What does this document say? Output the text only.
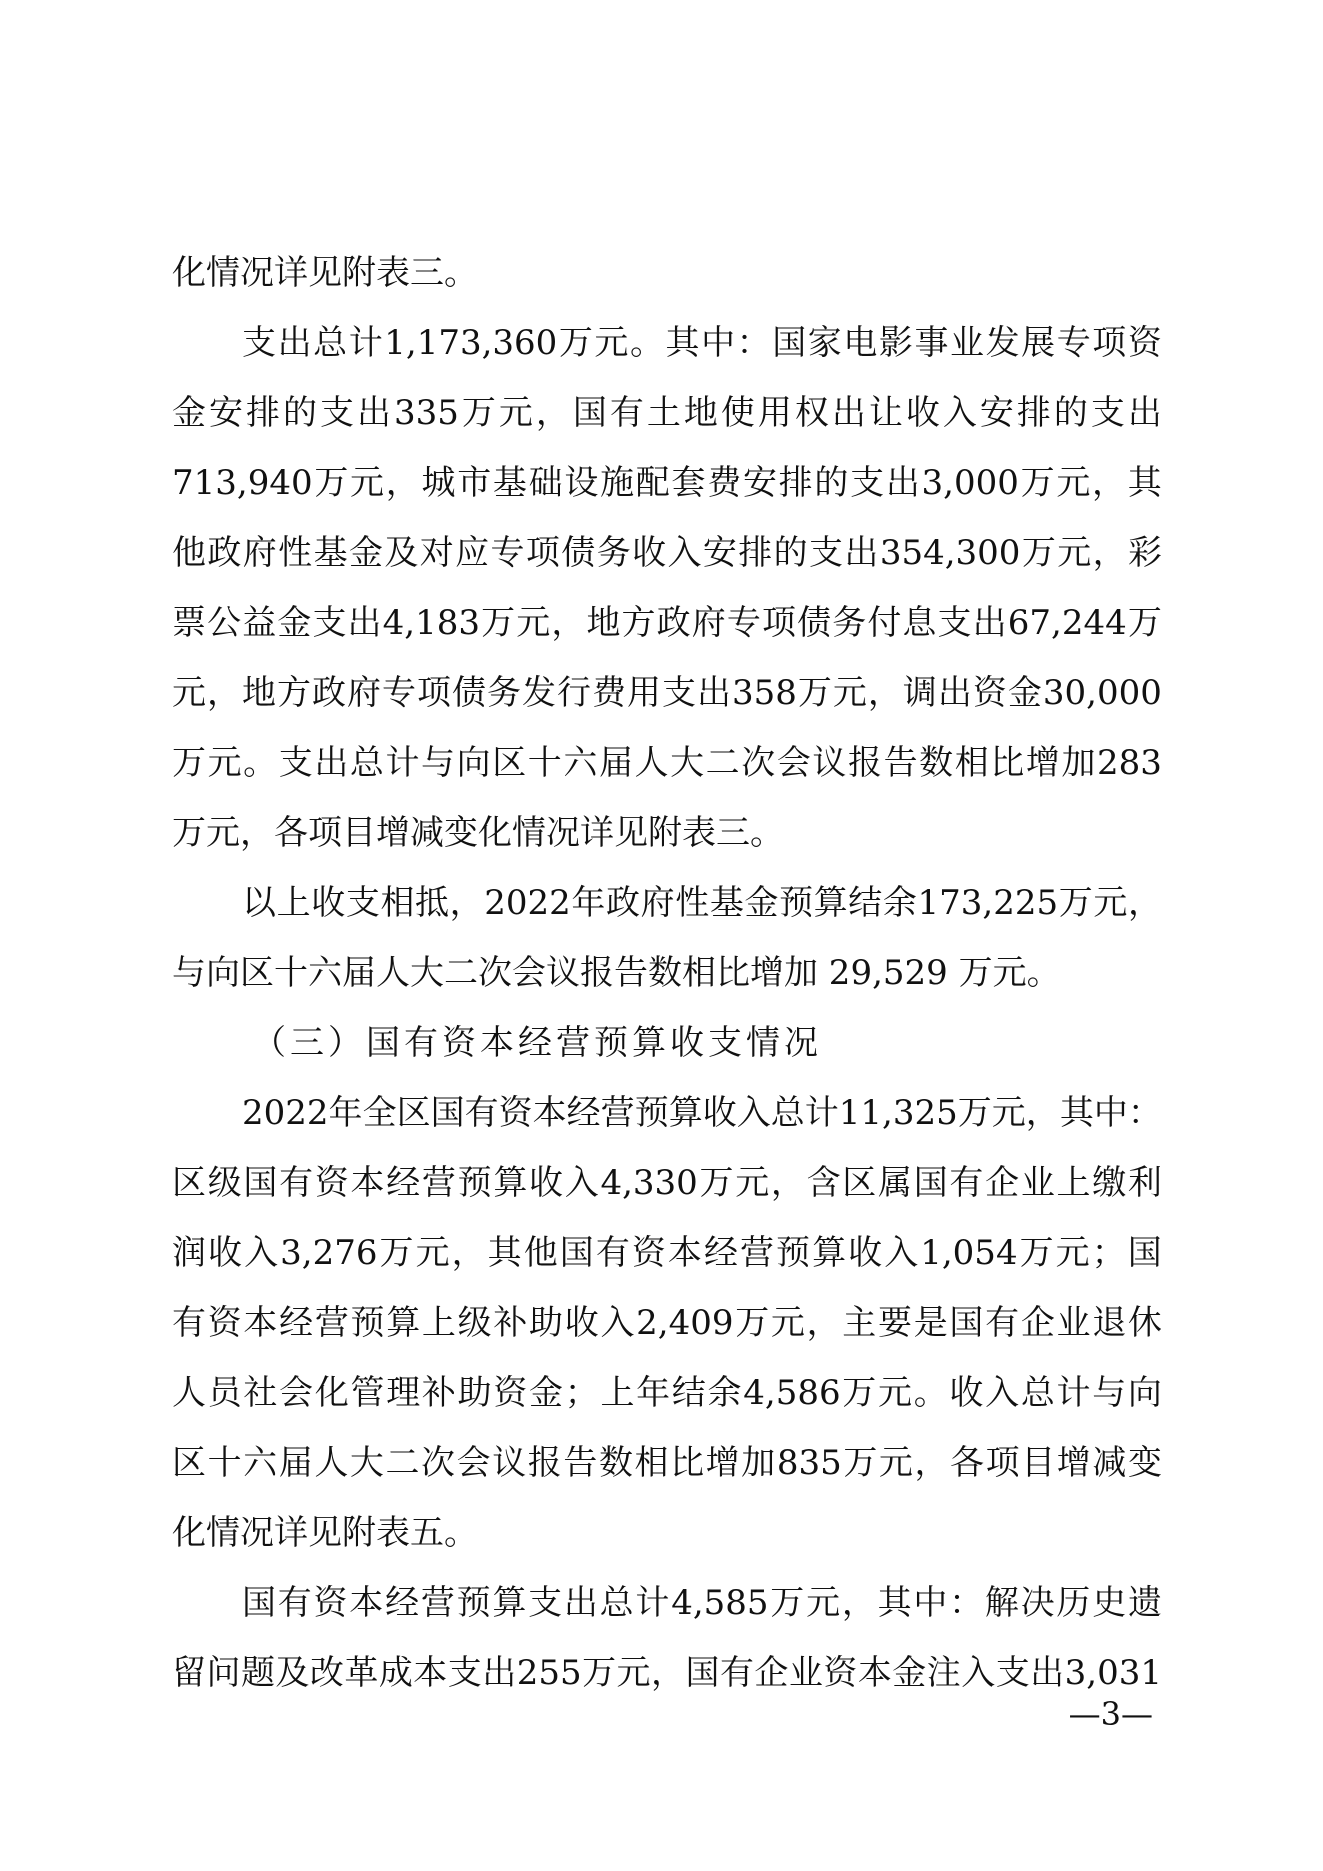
化情况详见附表三。
支 出 总 计 1,173,360 万 元 。 其 中 ： 国 家 电 影 事 业 发 展 专 项 资
金 安 排 的 支 出 335 万 元 ， 国 有 土 地 使 用 权 出 让 收 入 安 排 的 支 出
713,940 万 元 ， 城 市 基 础 设 施 配 套 费 安 排 的 支 出 3,000 万 元 ， 其
他 政 府 性 基 金 及 对 应 专 项 债 务 收 入 安 排 的 支 出 354,300 万 元 ， 彩
票 公 益 金 支 出 4,183 万 元 ， 地 方 政 府 专 项 债 务 付 息 支 出 67,244 万
元 ， 地 方 政 府 专 项 债 务 发 行 费 用 支 出 358 万 元 ， 调 出 资 金 30,000
万 元 。 支 出 总 计 与 向 区 十 六 届 人 大 二 次 会 议 报 告 数 相 比 增 加 283
万元，各项目增减变化情况详见附表三。
以 上 收 支 相 抵 ， 2022 年 政 府 性 基 金 预 算 结 余 173,225 万 元 ，
与向区十六届人大二次会议报告数相比增加 29,529 万元。
（三）国有资本经营预算收支情况
2022 年 全 区 国 有 资 本 经 营 预 算 收 入 总 计 11,325 万 元 ， 其 中 ：
区 级 国 有 资 本 经 营 预 算 收 入 4,330 万 元 ， 含 区 属 国 有 企 业 上 缴 利
润 收 入 3,276 万 元 ， 其 他 国 有 资 本 经 营 预 算 收 入 1,054 万 元 ； 国
有 资 本 经 营 预 算 上 级 补 助 收 入 2,409 万 元 ， 主 要 是 国 有 企 业 退 休
人 员 社 会 化 管 理 补 助 资 金 ； 上 年 结 余 4,586 万 元 。 收 入 总 计 与 向
区 十 六 届 人 大 二 次 会 议 报 告 数 相 比 增 加 835 万 元 ， 各 项 目 增 减 变
化情况详见附表五。
国 有 资 本 经 营 预 算 支 出 总 计 4,585 万 元 ， 其 中 ： 解 决 历 史 遗
留 问 题 及 改 革 成 本 支 出 255 万 元 ， 国 有 企 业 资 本 金 注 入 支 出 3,031
—3—
